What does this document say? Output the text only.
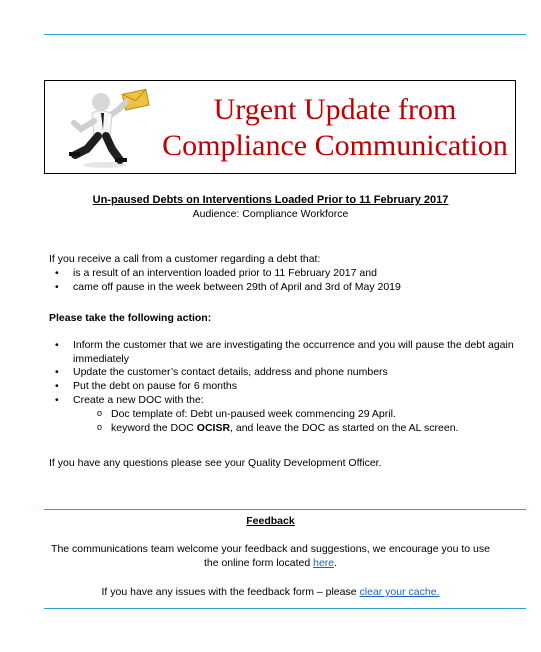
Urgent Update from
Compliance Communication
Un-paused Debts on Interventions Loaded Prior to 11 February 2017
Audience: Compliance Workforce
If you receive a call from a customer regarding a debt that:
• is a result of an intervention loaded prior to 11 February 2017 and
• came off pause in the week between 29th of April and 3rd of May 2019
Please take the following action:
• Inform the customer that we are investigating the occurrence and you will pause the debt again immediately
• Update the customer’s contact details, address and phone numbers
• Put the debt on pause for 6 months
• Create a new DOC with the:
o Doc template of: Debt un-paused week commencing 29 April.
o keyword the DOC OCISR, and leave the DOC as started on the AL screen.
If you have any questions please see your Quality Development Officer.
Feedback
The communications team welcome your feedback and suggestions, we encourage you to use the online form located here.
If you have any issues with the feedback form – please clear your cache.
